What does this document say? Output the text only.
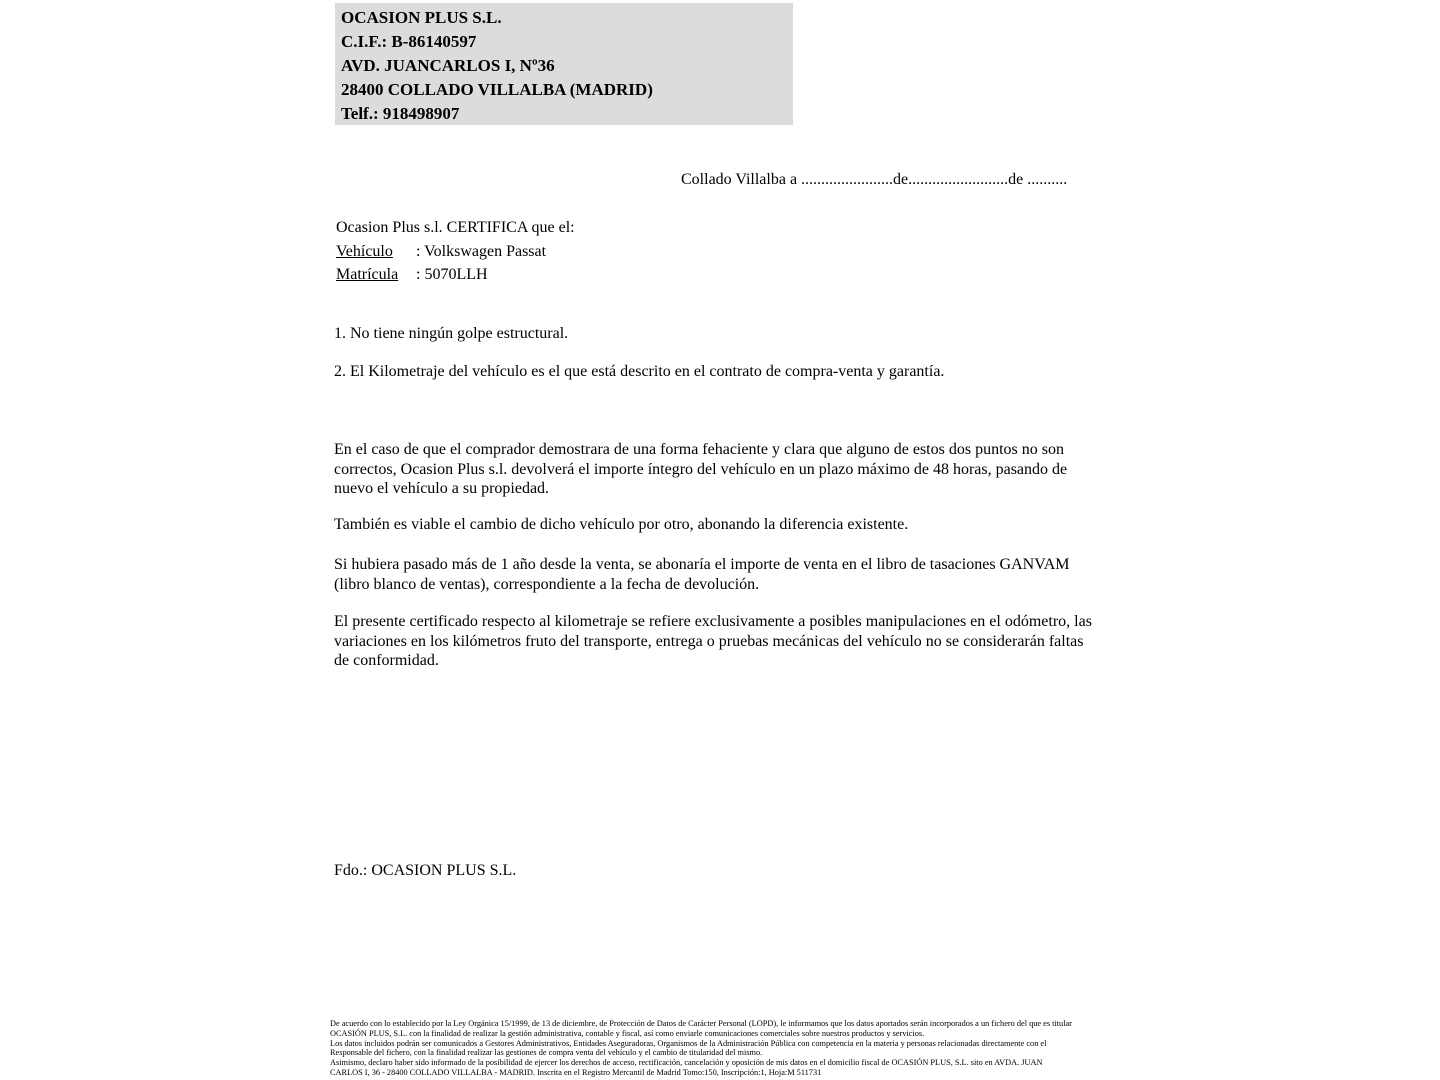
OCASION PLUS S.L.
C.I.F.: B-86140597
AVD. JUANCARLOS I, Nº36
28400 COLLADO VILLALBA (MADRID)
Telf.: 918498907
Collado Villalba a .......................de.........................de ..........
Ocasion Plus s.l. CERTIFICA que el:
Vehículo : Volkswagen Passat
Matrícula : 5070LLH
1. No tiene ningún golpe estructural.
2. El Kilometraje del vehículo es el que está descrito en el contrato de compra-venta y garantía.
En el caso de que el comprador demostrara de una forma fehaciente y clara que alguno de estos dos puntos no son correctos, Ocasion Plus s.l. devolverá el importe íntegro del vehículo en un plazo máximo de 48 horas, pasando de nuevo el vehículo a su propiedad.
También es viable el cambio de dicho vehículo por otro, abonando la diferencia existente.
Si hubiera pasado más de 1 año desde la venta, se abonaría el importe de venta en el libro de tasaciones GANVAM (libro blanco de ventas), correspondiente a la fecha de devolución.
El presente certificado respecto al kilometraje se refiere exclusivamente a posibles manipulaciones en el odómetro, las variaciones en los kilómetros fruto del transporte, entrega o pruebas mecánicas del vehículo no se considerarán faltas de conformidad.
Fdo.: OCASION PLUS S.L.
De acuerdo con lo establecido por la Ley Orgánica 15/1999, de 13 de diciembre, de Protección de Datos de Carácter Personal (LOPD), le informamos que los datos aportados serán incorporados a un fichero del que es titular
OCASIÓN PLUS, S.L. con la finalidad de realizar la gestión administrativa, contable y fiscal, así como enviarle comunicaciones comerciales sobre nuestros productos y servicios.
Los datos incluidos podrán ser comunicados a Gestores Administrativos, Entidades Aseguradoras, Organismos de la Administración Pública con competencia en la materia y personas relacionadas directamente con el
Responsable del fichero, con la finalidad realizar las gestiones de compra venta del vehículo y el cambio de titularidad del mismo.
Asimismo, declaro haber sido informado de la posibilidad de ejercer los derechos de acceso, rectificación, cancelación y oposición de mis datos en el domicilio fiscal de OCASIÓN PLUS, S.L. sito en AVDA. JUAN
CARLOS I, 36 - 28400 COLLADO VILLALBA - MADRID. Inscrita en el Registro Mercantil de Madrid Tomo:150, Inscripción:1, Hoja:M 511731
